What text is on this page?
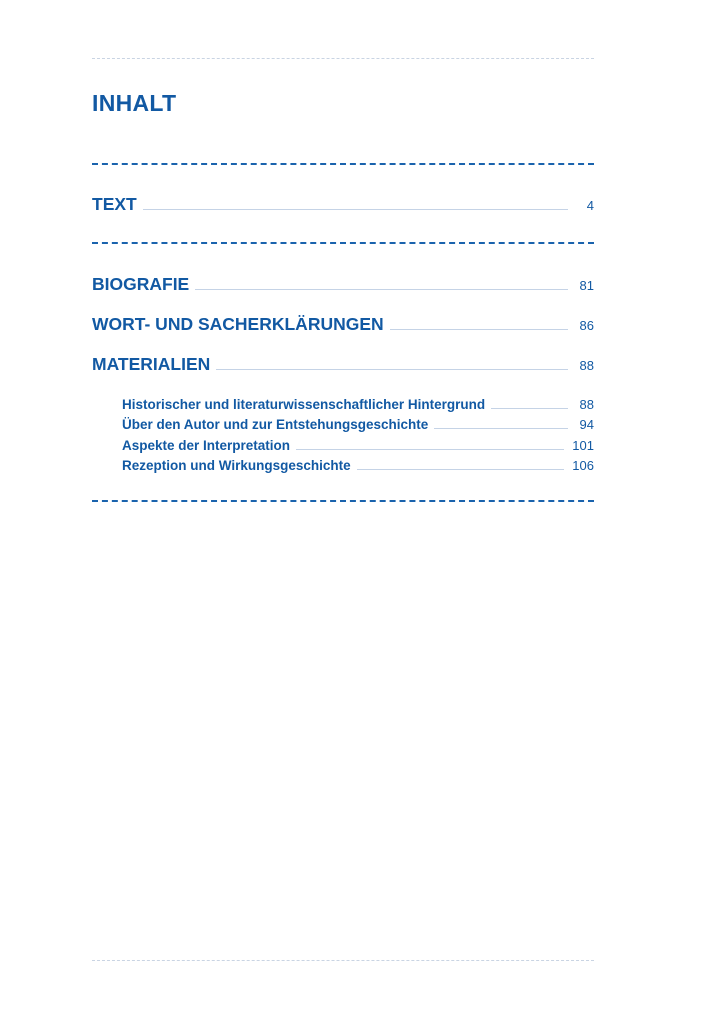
INHALT
TEXT	4
BIOGRAFIE	81
WORT- UND SACHERKLÄRUNGEN	86
MATERIALIEN	88
Historischer und literaturwissenschaftlicher Hintergrund	88
Über den Autor und zur Entstehungsgeschichte	94
Aspekte der Interpretation	101
Rezeption und Wirkungsgeschichte	106
